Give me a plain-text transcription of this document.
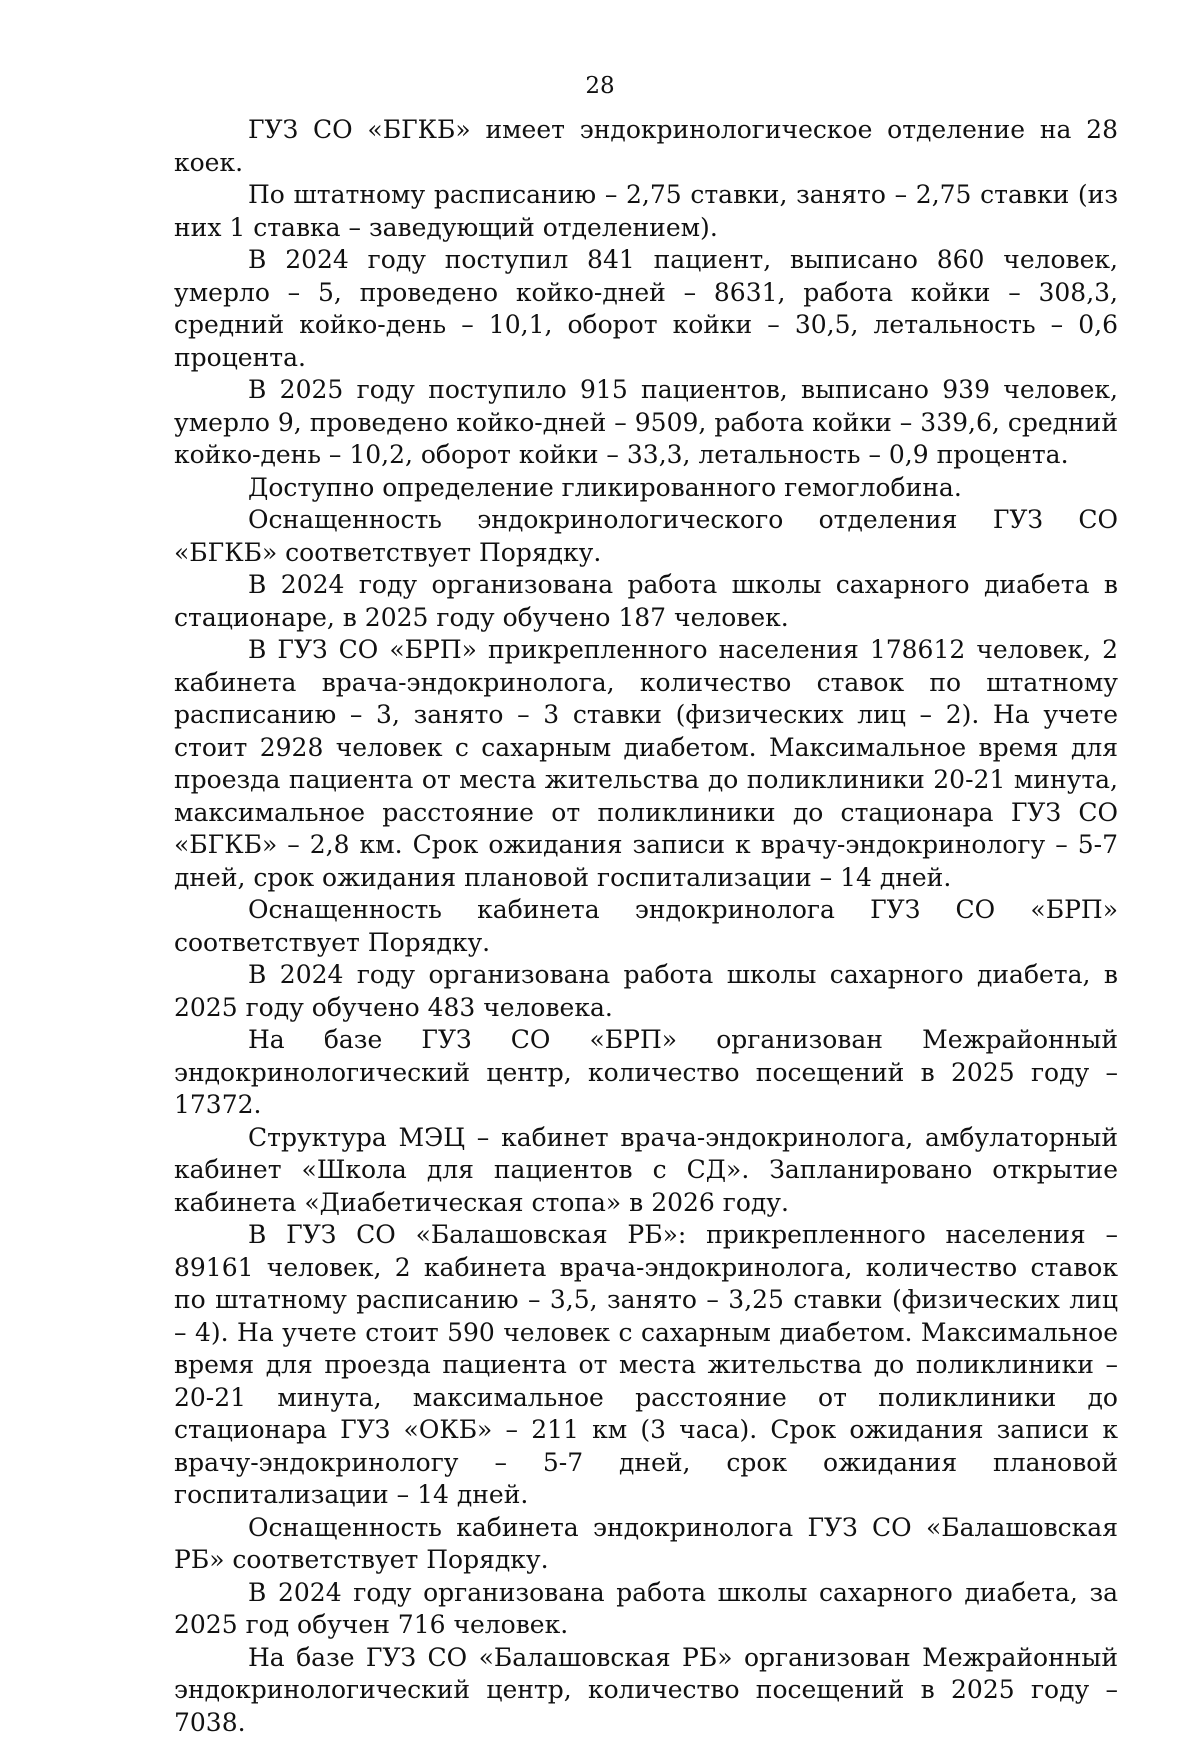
28

ГУЗ СО «БГКБ» имеет эндокринологическое отделение на 28 коек.

По штатному расписанию – 2,75 ставки, занято – 2,75 ставки (из них 1 ставка – заведующий отделением).

В 2024 году поступил 841 пациент, выписано 860 человек, умерло – 5, проведено койко-дней – 8631, работа койки – 308,3, средний койко-день – 10,1, оборот койки – 30,5, летальность – 0,6 процента.

В 2025 году поступило 915 пациентов, выписано 939 человек, умерло 9, проведено койко-дней – 9509, работа койки – 339,6, средний койко-день – 10,2, оборот койки – 33,3, летальность – 0,9 процента.

Доступно определение гликированного гемоглобина.

Оснащенность эндокринологического отделения ГУЗ СО «БГКБ» соответствует Порядку.

В 2024 году организована работа школы сахарного диабета в стационаре, в 2025 году обучено 187 человек.

В ГУЗ СО «БРП» прикрепленного населения 178612 человек, 2 кабинета врача-эндокринолога, количество ставок по штатному расписанию – 3, занято – 3 ставки (физических лиц – 2). На учете стоит 2928 человек с сахарным диабетом. Максимальное время для проезда пациента от места жительства до поликлиники 20-21 минута, максимальное расстояние от поликлиники до стационара ГУЗ СО «БГКБ» – 2,8 км. Срок ожидания записи к врачу-эндокринологу – 5-7 дней, срок ожидания плановой госпитализации – 14 дней.

Оснащенность кабинета эндокринолога ГУЗ СО «БРП» соответствует Порядку.

В 2024 году организована работа школы сахарного диабета, в 2025 году обучено 483 человека.

На базе ГУЗ СО «БРП» организован Межрайонный эндокринологический центр, количество посещений в 2025 году – 17372.

Структура МЭЦ – кабинет врача-эндокринолога, амбулаторный кабинет «Школа для пациентов с СД». Запланировано открытие кабинета «Диабетическая стопа» в 2026 году.

В ГУЗ СО «Балашовская РБ»: прикрепленного населения – 89161 человек, 2 кабинета врача-эндокринолога, количество ставок по штатному расписанию – 3,5, занято – 3,25 ставки (физических лиц – 4). На учете стоит 590 человек с сахарным диабетом. Максимальное время для проезда пациента от места жительства до поликлиники – 20-21 минута, максимальное расстояние от поликлиники до стационара ГУЗ «ОКБ» – 211 км (3 часа). Срок ожидания записи к врачу-эндокринологу – 5-7 дней, срок ожидания плановой госпитализации – 14 дней.

Оснащенность кабинета эндокринолога ГУЗ СО «Балашовская РБ» соответствует Порядку.

В 2024 году организована работа школы сахарного диабета, за 2025 год обучен 716 человек.

На базе ГУЗ СО «Балашовская РБ» организован Межрайонный эндокринологический центр, количество посещений в 2025 году – 7038.
